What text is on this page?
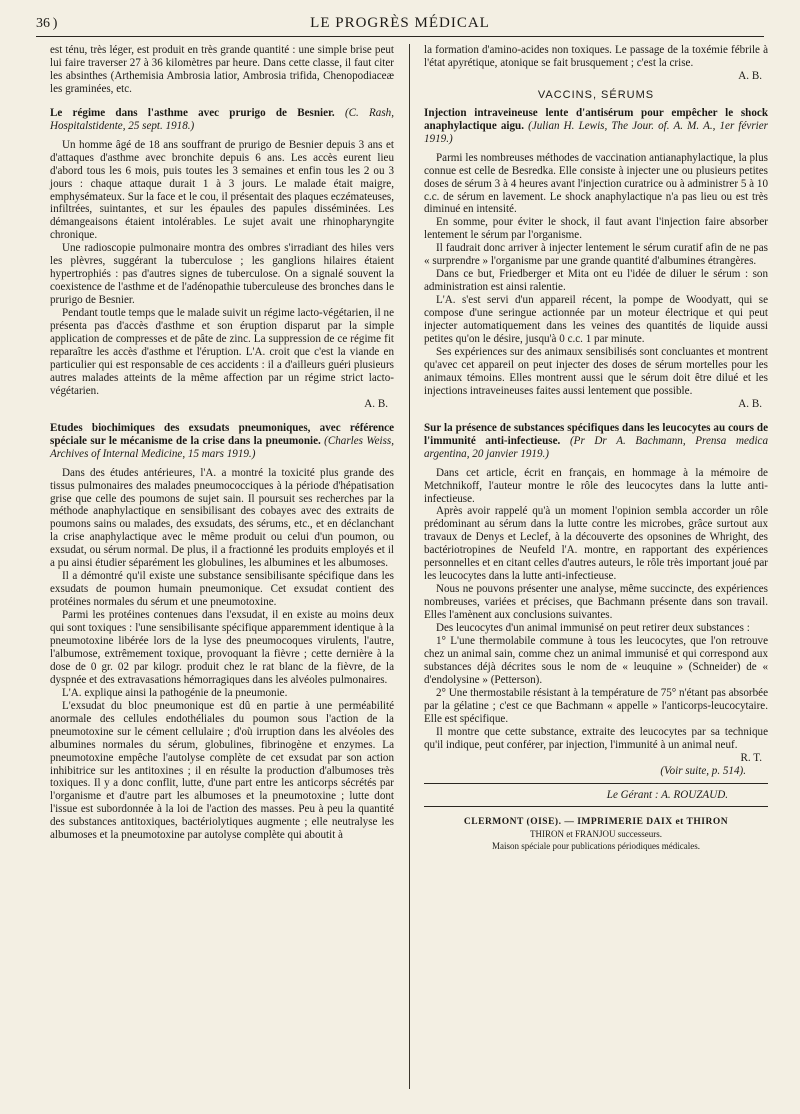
36 )	LE PROGRÈS MÉDICAL

est ténu, très léger, est produit en très grande quantité : une simple brise peut lui faire traverser 27 à 36 kilomètres par heure. Dans cette classe, il faut citer les absinthes (Arthemisia Ambrosia latior, Ambrosia trifida, Chenopodiaceæ les graminées, etc.

Le régime dans l'asthme avec prurigo de Besnier. (C. Rash, Hospitalstidente, 25 sept. 1918.)

Un homme âgé de 18 ans souffrant de prurigo de Besnier depuis 3 ans et d'attaques d'asthme avec bronchite depuis 6 ans. Les accès eurent lieu d'abord tous les 6 mois, puis toutes les 3 semaines et enfin tous les 2 ou 3 jours : chaque attaque durait 1 à 3 jours. Le malade était maigre, emphysémateux. Sur la face et le cou, il présentait des plaques eczémateuses, infiltrées, suintantes, et sur les épaules des papules disséminées. Les démangeaisons étaient intolérables. Le sujet avait une rhinopharyngite chronique.

Une radioscopie pulmonaire montra des ombres s'irradiant des hiles vers les plèvres, suggérant la tuberculose ; les ganglions hilaires étaient hypertrophiés : pas d'autres signes de tuberculose. On a signalé souvent la coexistence de l'asthme et de l'adénopathie tuberculeuse des bronches dans le prurigo de Besnier.

Pendant toutle temps que le malade suivit un régime lacto-végétarien, il ne présenta pas d'accès d'asthme et son éruption disparut par la simple application de compresses et de pâte de zinc. La suppression de ce régime fit reparaître les accès d'asthme et l'éruption. L'A. croit que c'est la viande en particulier qui est responsable de ces accidents : il a d'ailleurs guéri plusieurs autres malades atteints de la même affection par un régime strict lacto-végétarien.

A. B.

Etudes biochimiques des exsudats pneumoniques, avec référence spéciale sur le mécanisme de la crise dans la pneumonie. (Charles Weiss, Archives of Internal Medicine, 15 mars 1919.)

Dans des études antérieures, l'A. a montré la toxicité plus grande des tissus pulmonaires des malades pneumococciques à la période d'hépatisation grise que celle des poumons de sujet sain. Il poursuit ses recherches par la méthode anaphylactique en sensibilisant des cobayes avec des extraits de poumons sains ou malades, des exsudats, des sérums, etc., et en déclanchant la crise anaphylactique avec le même produit ou celui d'un poumon, ou exsudat, ou sérum normal. De plus, il a fractionné les produits employés et il a pu ainsi étudier séparément les globulines, les albumines et les albumoses.

Il a démontré qu'il existe une substance sensibilisante spécifique dans les exsudats de poumon humain pneumonique. Cet exsudat contient des protéines normales du sérum et une pneumotoxine.

Parmi les protéines contenues dans l'exsudat, il en existe au moins deux qui sont toxiques : l'une sensibilisante spécifique apparemment identique à la pneumotoxine libérée lors de la lyse des pneumocoques virulents, l'autre, l'albumose, extrêmement toxique, provoquant la fièvre ; cette dernière à la dose de 0 gr. 02 par kilogr. produit chez le rat blanc de la fièvre, de la dyspnée et des extravasations hémorragiques dans les alvéoles pulmonaires.

L'A. explique ainsi la pathogénie de la pneumonie.

L'exsudat du bloc pneumonique est dû en partie à une perméabilité anormale des cellules endothéliales du poumon sous l'action de la pneumotoxine sur le cément cellulaire ; d'où irruption dans les alvéoles des albumines normales du sérum, globulines, fibrinogène et enzymes. La pneumotoxine empêche l'autolyse complète de cet exsudat par son action inhibitrice sur les antitoxines ; il en résulte la production d'albumoses très toxiques. Il y a donc conflit, lutte, d'une part entre les anticorps sécrétés par l'organisme et d'autre part les albumoses et la pneumotoxine ; lutte dont l'issue est subordonnée à la loi de l'action des masses. Peu à peu la quantité des substances antitoxiques, bactériolytiques augmente ; elle neutralyse les albumoses et la pneumotoxine par autolyse complète qui aboutit à

la formation d'amino-acides non toxiques. Le passage de la toxémie fébrile à l'état apyrétique, atonique se fait brusquement ; c'est la crise.

A. B.

VACCINS, SÉRUMS

Injection intraveineuse lente d'antisérum pour empêcher le shock anaphylactique aigu. (Julian H. Lewis, The Jour. of. A. M. A., 1er février 1919.)

Parmi les nombreuses méthodes de vaccination antianaphylactique, la plus connue est celle de Besredka. Elle consiste à injecter une ou plusieurs petites doses de sérum 3 à 4 heures avant l'injection curatrice ou à administrer 5 à 10 c.c. de sérum en lavement. Le shock anaphylactique n'a pas lieu ou est très diminué en intensité.

En somme, pour éviter le shock, il faut avant l'injection faire absorber lentement le sérum par l'organisme.

Il faudrait donc arriver à injecter lentement le sérum curatif afin de ne pas « surprendre » l'organisme par une grande quantité d'albumines étrangères.

Dans ce but, Friedberger et Mita ont eu l'idée de diluer le sérum : son administration est ainsi ralentie.

L'A. s'est servi d'un appareil récent, la pompe de Woodyatt, qui se compose d'une seringue actionnée par un moteur électrique et qui peut injecter automatiquement dans les veines des quantités de liquide aussi petites qu'on le désire, jusqu'à 0 c.c. 1 par minute.

Ses expériences sur des animaux sensibilisés sont concluantes et montrent qu'avec cet appareil on peut injecter des doses de sérum mortelles pour les animaux témoins. Elles montrent aussi que le sérum doit être dilué et les injections intraveineuses faites aussi lentement que possible.

A. B.

Sur la présence de substances spécifiques dans les leucocytes au cours de l'immunité anti-infectieuse. (Pr Dr A. Bachmann, Prensa medica argentina, 20 janvier 1919.)

Dans cet article, écrit en français, en hommage à la mémoire de Metchnikoff, l'auteur montre le rôle des leucocytes dans la lutte anti-infectieuse.

Après avoir rappelé qu'à un moment l'opinion sembla accorder un rôle prédominant au sérum dans la lutte contre les microbes, grâce surtout aux travaux de Denys et Leclef, à la découverte des opsonines de Whright, des bactériotropines de Neufeld l'A. montre, en rapportant des expériences personnelles et en citant celles d'autres auteurs, le rôle très important joué par les leucocytes dans la lutte anti-infectieuse.

Nous ne pouvons présenter une analyse, même succincte, des expériences nombreuses, variées et précises, que Bachmann présente dans son travail. Elles l'amènent aux conclusions suivantes.

Des leucocytes d'un animal immunisé on peut retirer deux substances :

1° L'une thermolabile commune à tous les leucocytes, que l'on retrouve chez un animal sain, comme chez un animal immunisé et qui correspond aux substances déjà décrites sous le nom de « leuquine » (Schneider) de « d'endolysine » (Petterson).

2° Une thermostabile résistant à la température de 75° n'étant pas absorbée par la gélatine ; c'est ce que Bachmann « appelle » l'anticorps-leucocytaire. Elle est spécifique.

Il montre que cette substance, extraite des leucocytes par sa technique qu'il indique, peut conférer, par injection, l'immunité à un animal neuf.

R. T.

(Voir suite, p. 514).

Le Gérant : A. ROUZAUD.

CLERMONT (OISE). — IMPRIMERIE DAIX et THIRON
THIRON et FRANJOU successeurs.
Maison spéciale pour publications périodiques médicales.
